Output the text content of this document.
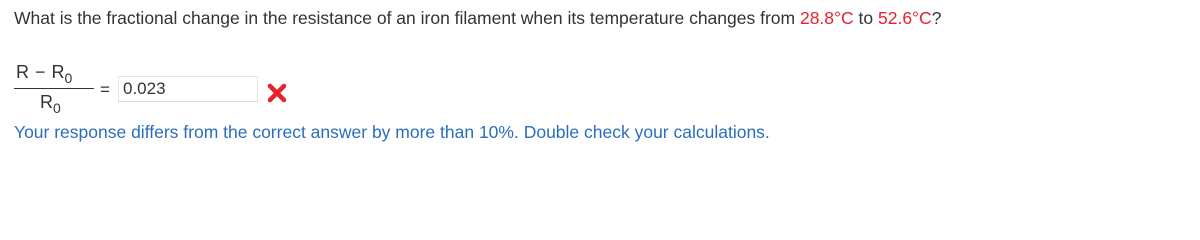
What is the fractional change in the resistance of an iron filament when its temperature changes from 28.8°C to 52.6°C?
$R - R_0$
$R_0$
=
0.023
Your response differs from the correct answer by more than 10%. Double check your calculations.
